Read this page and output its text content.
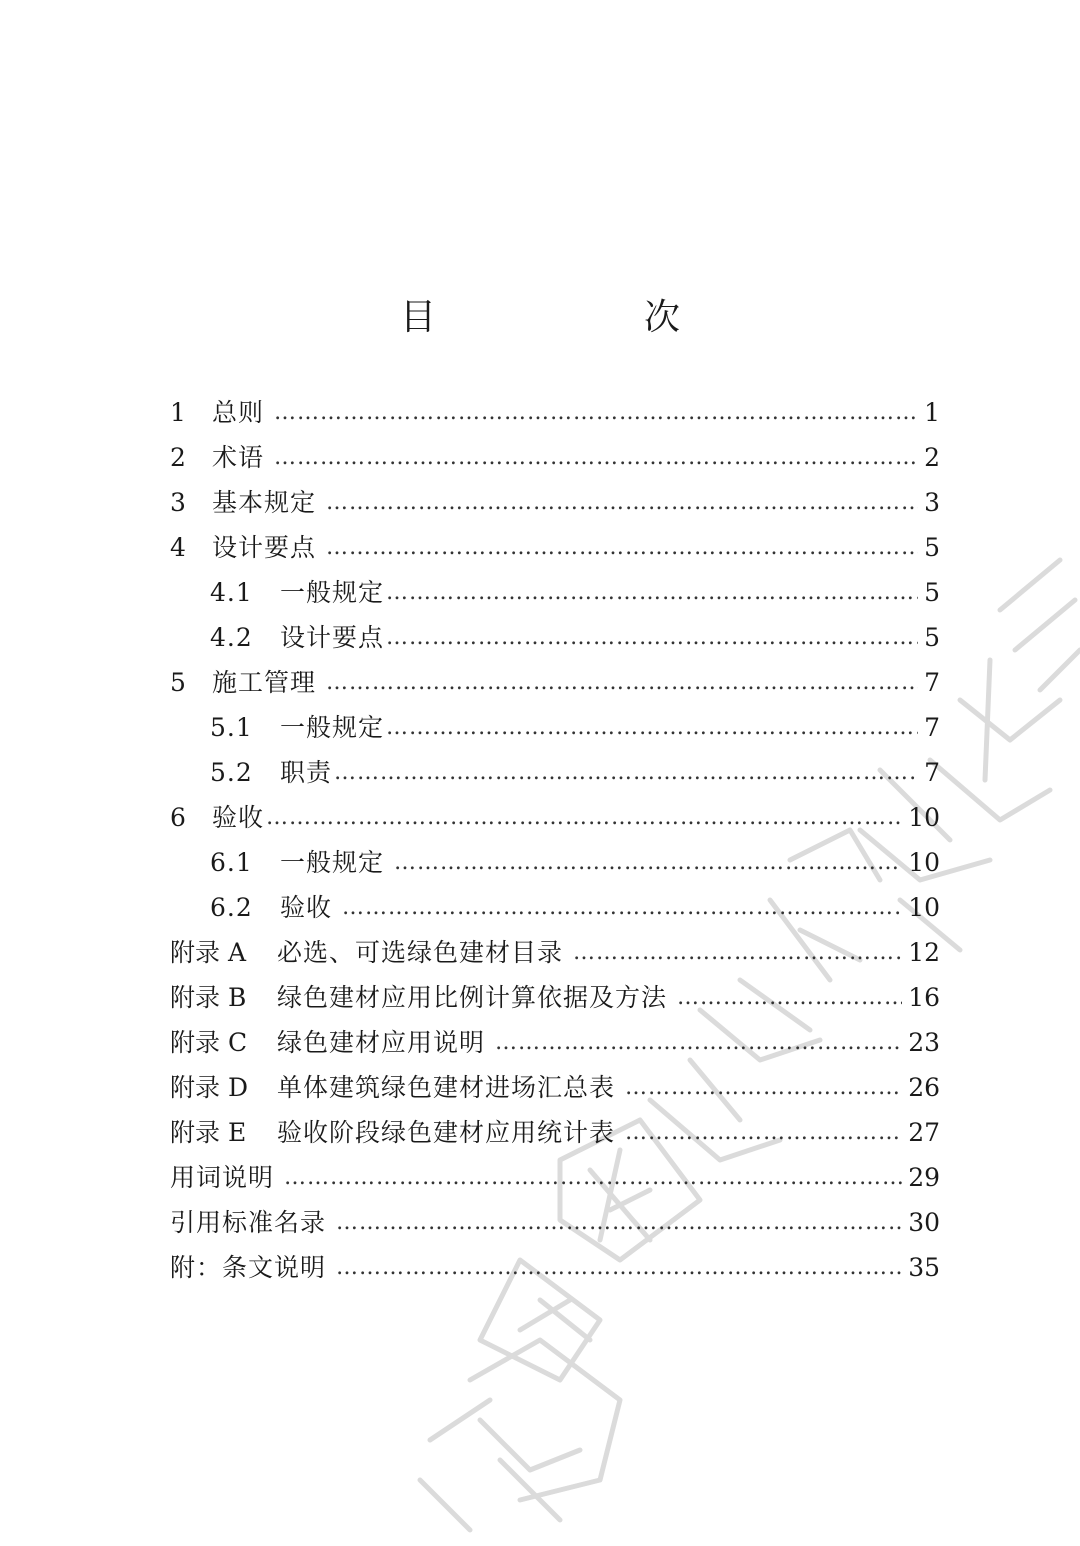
目　次
1	总则 ……………………………………………………………………………………………………………………………………………………………………………………………………………………	1
2	术语 ……………………………………………………………………………………………………………………………………………………………………………………………………………………	2
3	基本规定 ……………………………………………………………………………………………………………………………………………………………………………………………………………………	3
4	设计要点 ……………………………………………………………………………………………………………………………………………………………………………………………………………………	5
4.1	一般规定 ……………………………………………………………………………………………………………………………………………………………………………………………………………………	5
4.2	设计要点 ……………………………………………………………………………………………………………………………………………………………………………………………………………………	5
5	施工管理 ……………………………………………………………………………………………………………………………………………………………………………………………………………………	7
5.1	一般规定 ……………………………………………………………………………………………………………………………………………………………………………………………………………………	7
5.2	职责 ……………………………………………………………………………………………………………………………………………………………………………………………………………………	7
6	验收 ……………………………………………………………………………………………………………………………………………………………………………………………………………………	10
6.1	一般规定 ……………………………………………………………………………………………………………………………………………………………………………………………………………………	10
6.2	验收 ……………………………………………………………………………………………………………………………………………………………………………………………………………………	10
附录 A	必选、可选绿色建材目录 ……………………………………………………………………………………………………………………………………………………………………………………………………………………	12
附录 B	绿色建材应用比例计算依据及方法 ……………………………………………………………………………………………………………………………………………………………………………………………………………………	16
附录 C	绿色建材应用说明 ……………………………………………………………………………………………………………………………………………………………………………………………………………………	23
附录 D	单体建筑绿色建材进场汇总表 ……………………………………………………………………………………………………………………………………………………………………………………………………………………	26
附录 E	验收阶段绿色建材应用统计表 ……………………………………………………………………………………………………………………………………………………………………………………………………………………	27
用词说明 ……………………………………………………………………………………………………………………………………………………………………………………………………………………	29
引用标准名录 ……………………………………………………………………………………………………………………………………………………………………………………………………………………	30
附：条文说明 ……………………………………………………………………………………………………………………………………………………………………………………………………………………	35
